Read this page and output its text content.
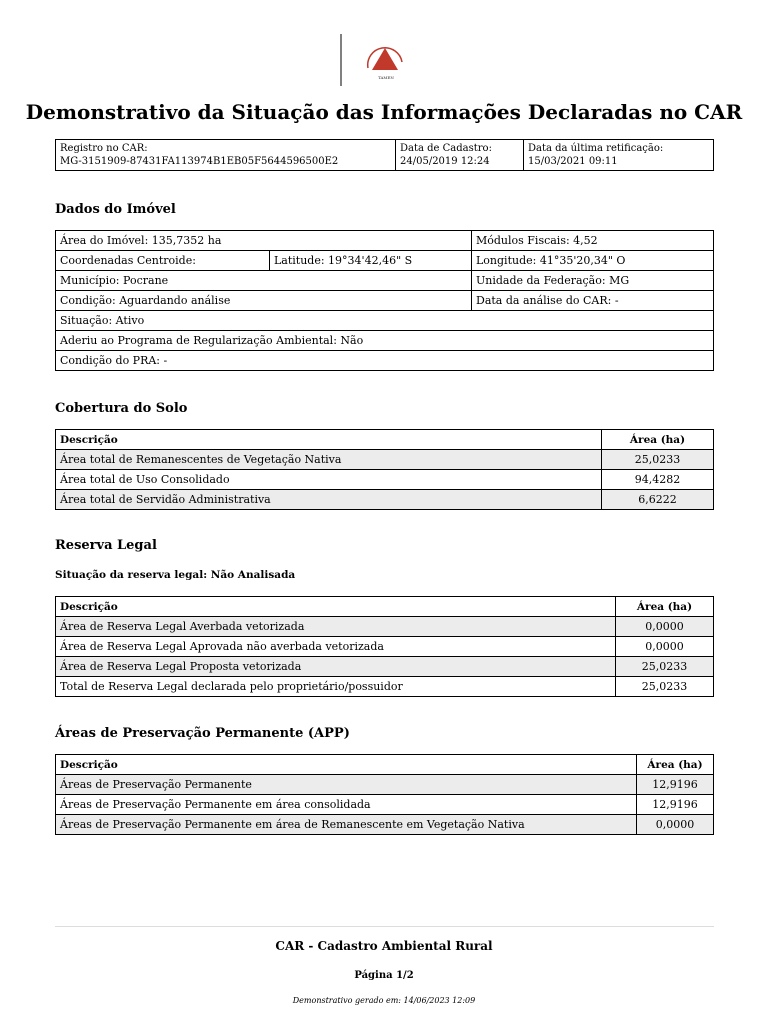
TAMEN
Demonstrativo da Situação das Informações Declaradas no CAR
Registro no CAR:
MG-3151909-87431FA113974B1EB05F5644596500E2
Data de Cadastro:
24/05/2019 12:24
Data da última retificação:
15/03/2021 09:11
Dados do Imóvel
Área do Imóvel: 135,7352 ha		Módulos Fiscais: 4,52
Coordenadas Centroide:	Latitude: 19°34'42,46" S	Longitude: 41°35'20,34" O
Município: Pocrane		Unidade da Federação: MG
Condição: Aguardando análise		Data da análise do CAR: -
Situação: Ativo		
Aderiu ao Programa de Regularização Ambiental: Não		
Condição do PRA: -		
Cobertura do Solo
Descrição	Área (ha)
Área total de Remanescentes de Vegetação Nativa	25,0233
Área total de Uso Consolidado	94,4282
Área total de Servidão Administrativa	6,6222
Reserva Legal
Situação da reserva legal: Não Analisada
Descrição	Área (ha)
Área de Reserva Legal Averbada vetorizada	0,0000
Área de Reserva Legal Aprovada não averbada vetorizada	0,0000
Área de Reserva Legal Proposta vetorizada	25,0233
Total de Reserva Legal declarada pelo proprietário/possuidor	25,0233
Áreas de Preservação Permanente (APP)
Descrição	Área (ha)
Áreas de Preservação Permanente	12,9196
Áreas de Preservação Permanente em área consolidada	12,9196
Áreas de Preservação Permanente em área de Remanescente em Vegetação Nativa	0,0000
CAR - Cadastro Ambiental Rural
Página 1/2
Demonstrativo gerado em: 14/06/2023 12:09
